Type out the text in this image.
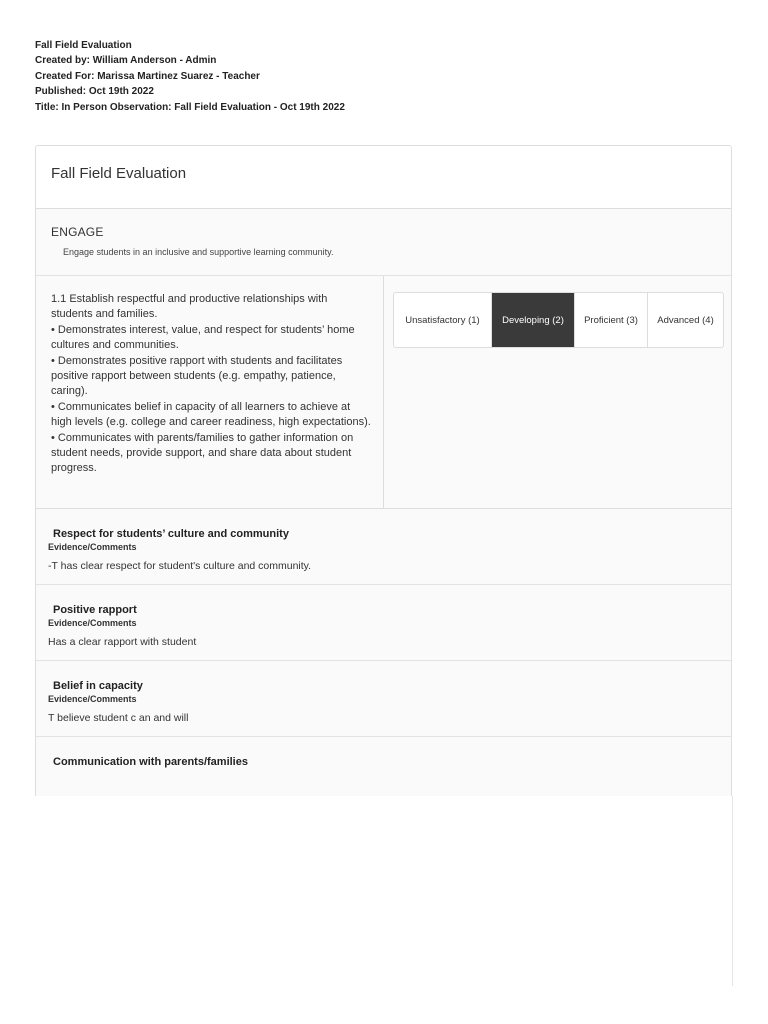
Fall Field Evaluation
Created by: William Anderson - Admin
Created For: Marissa Martinez Suarez - Teacher
Published: Oct 19th 2022
Title: In Person Observation: Fall Field Evaluation - Oct 19th 2022
Fall Field Evaluation
ENGAGE
Engage students in an inclusive and supportive learning community.
1.1 Establish respectful and productive relationships with students and families.
• Demonstrates interest, value, and respect for students’ home cultures and communities.
• Demonstrates positive rapport with students and facilitates positive rapport between students (e.g. empathy, patience, caring).
• Communicates belief in capacity of all learners to achieve at high levels (e.g. college and career readiness, high expectations).
• Communicates with parents/families to gather information on student needs, provide support, and share data about student progress.
Unsatisfactory (1)	Developing (2)	Proficient (3)	Advanced (4)
Respect for students’ culture and community
Evidence/Comments
-T has clear respect for student's culture and community.
Positive rapport
Evidence/Comments
Has a clear rapport with student
Belief in capacity
Evidence/Comments
T believe student c an and will
Communication with parents/families
